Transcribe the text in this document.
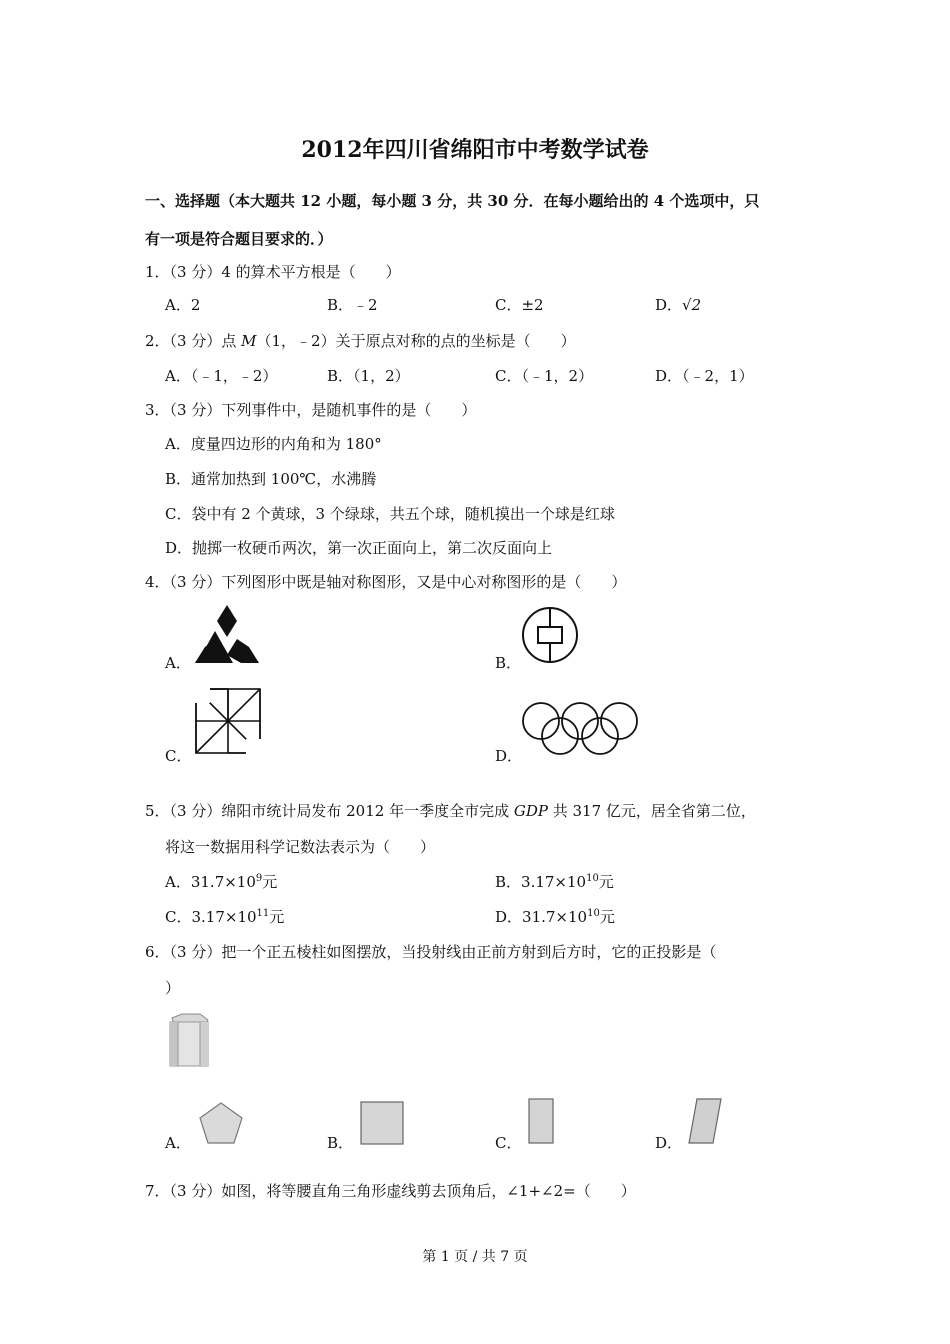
2012年四川省绵阳市中考数学试卷
一、选择题（本大题共 12 小题，每小题 3 分，共 30 分．在每小题给出的 4 个选项中，只
有一项是符合题目要求的．）
1．（3 分）4 的算术平方根是（　　）
A．2	B．﹣2	C．±2	D．√2
2．（3 分）点 M（1，﹣2）关于原点对称的点的坐标是（　　）
A．（﹣1，﹣2）	B．（1，2）	C．（﹣1，2）	D．（﹣2，1）
3．（3 分）下列事件中，是随机事件的是（　　）
A．度量四边形的内角和为 180°
B．通常加热到 100℃，水沸腾
C．袋中有 2 个黄球，3 个绿球，共五个球，随机摸出一个球是红球
D．抛掷一枚硬币两次，第一次正面向上，第二次反面向上
4．（3 分）下列图形中既是轴对称图形，又是中心对称图形的是（　　）
A．	B．
C．	D．
5．（3 分）绵阳市统计局发布 2012 年一季度全市完成 GDP 共 317 亿元，居全省第二位，
将这一数据用科学记数法表示为（　　）
A．$31.7\times 10^9$元	B．$3.17\times 10^{10}$元
C．$3.17\times 10^{11}$元	D．$31.7\times 10^{10}$元
6．（3 分）把一个正五棱柱如图摆放，当投射线由正前方射到后方时，它的正投影是（
）
A．	B．	C．	D．
7．（3 分）如图，将等腰直角三角形虚线剪去顶角后，∠1+∠2=（　　）
第 1 页 / 共 7 页
